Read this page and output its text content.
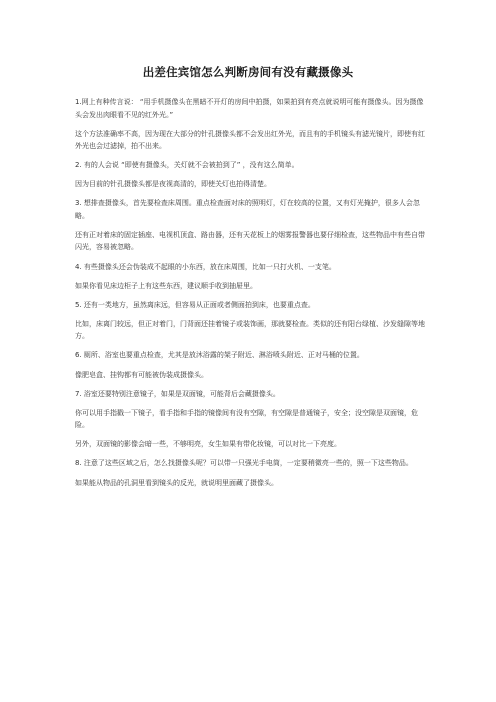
出差住宾馆怎么判断房间有没有藏摄像头

1.网上有种传言说： “用手机摄像头在黑暗不开灯的房间中拍摄，如果拍到有亮点就说明可能有摄像头。因为摄像头会发出肉眼看不见的红外光。”

这个方法准确率不高，因为现在大部分的针孔摄像头都不会发出红外光，而且有的手机镜头有滤光镜片，即使有红外光也会过滤掉，拍不出来。

2. 有的人会说 “即使有摄像头，关灯就不会被拍到了” ，没有这么简单。

因为目前的针孔摄像头都是夜视高清的，即使关灯也拍得清楚。

3. 想排查摄像头，首先要检查床周围。重点检查面对床的照明灯，灯在较高的位置，又有灯光掩护，很多人会忽略。

还有正对着床的固定插座、电视机顶盒、路由器，还有天花板上的烟雾报警器也要仔细检查，这些物品中有些自带闪光，容易被忽略。

4. 有些摄像头还会伪装成不起眼的小东西，放在床周围，比如一只打火机、一支笔。

如果你看见床边柜子上有这些东西，建议顺手收到抽屉里。

5. 还有一类地方，虽然离床远，但容易从正面或者侧面拍到床，也要重点查。

比如，床离门较远，但正对着门，门背面还挂着镜子或装饰画，那就要检查。类似的还有阳台绿植、沙发缝隙等地方。

6. 厕所、浴室也要重点检查，尤其是放沐浴露的架子附近、淋浴喷头附近、正对马桶的位置。

像肥皂盒、挂钩都有可能被伪装成摄像头。

7. 浴室还要特别注意镜子，如果是双面镜，可能背后会藏摄像头。

你可以用手指戳一下镜子，看手指和手指的镜像间有没有空隙，有空隙是普通镜子，安全；没空隙是双面镜，危险。

另外，双面镜的影像会暗一些，不够明亮，女生如果有带化妆镜，可以对比一下亮度。

8. 注意了这些区域之后，怎么找摄像头呢？可以带一只强光手电筒，一定要稍微亮一些的，照一下这些物品。

如果能从物品的孔洞里看到镜头的反光，就说明里面藏了摄像头。
